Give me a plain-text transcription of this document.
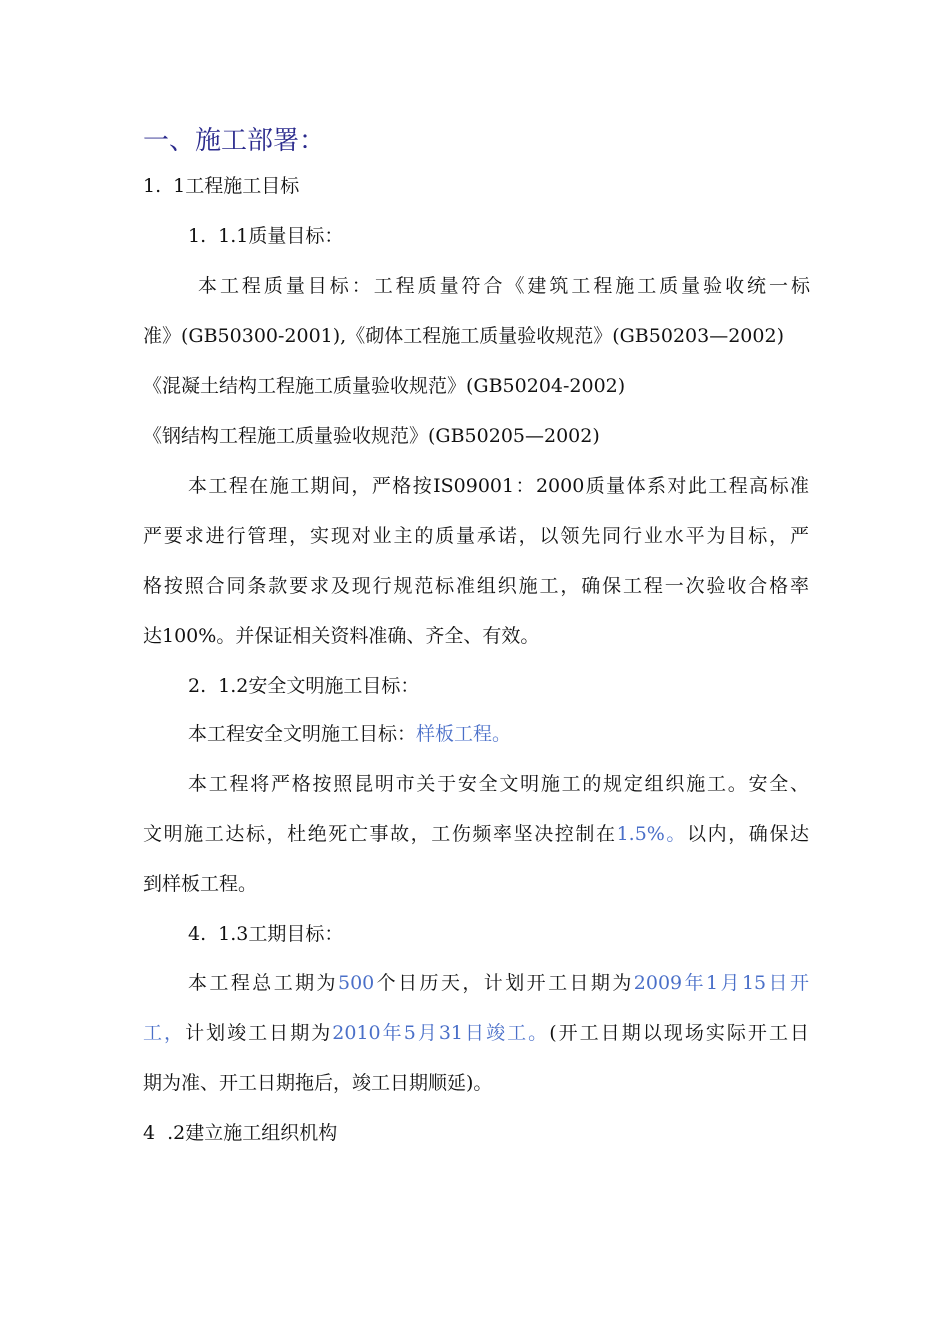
一、施工部署：
1. 1工程施工目标
1. 1.1质量目标：
本工程质量目标：工程质量符合《建筑工程施工质量验收统一标
准》(GB50300-2001),《砌体工程施工质量验收规范》(GB50203—2002)
《混凝土结构工程施工质量验收规范》(GB50204-2002)
《钢结构工程施工质量验收规范》(GB50205—2002)
本工程在施工期间，严格按IS09001：2000质量体系对此工程高标准
严要求进行管理，实现对业主的质量承诺，以领先同行业水平为目标，严
格按照合同条款要求及现行规范标准组织施工，确保工程一次验收合格率
达100%。并保证相关资料准确、齐全、有效。
2. 1.2安全文明施工目标：
本工程安全文明施工目标：样板工程。
本工程将严格按照昆明市关于安全文明施工的规定组织施工。安全、
文明施工达标，杜绝死亡事故，工伤频率坚决控制在1.5%。以内，确保达
到样板工程。
4. 1.3工期目标：
本工程总工期为500个日历天，计划开工日期为2009年1月15日开
工，计划竣工日期为2010年5月31日竣工。(开工日期以现场实际开工日
期为准、开工日期拖后，竣工日期顺延)。
4 .2建立施工组织机构
